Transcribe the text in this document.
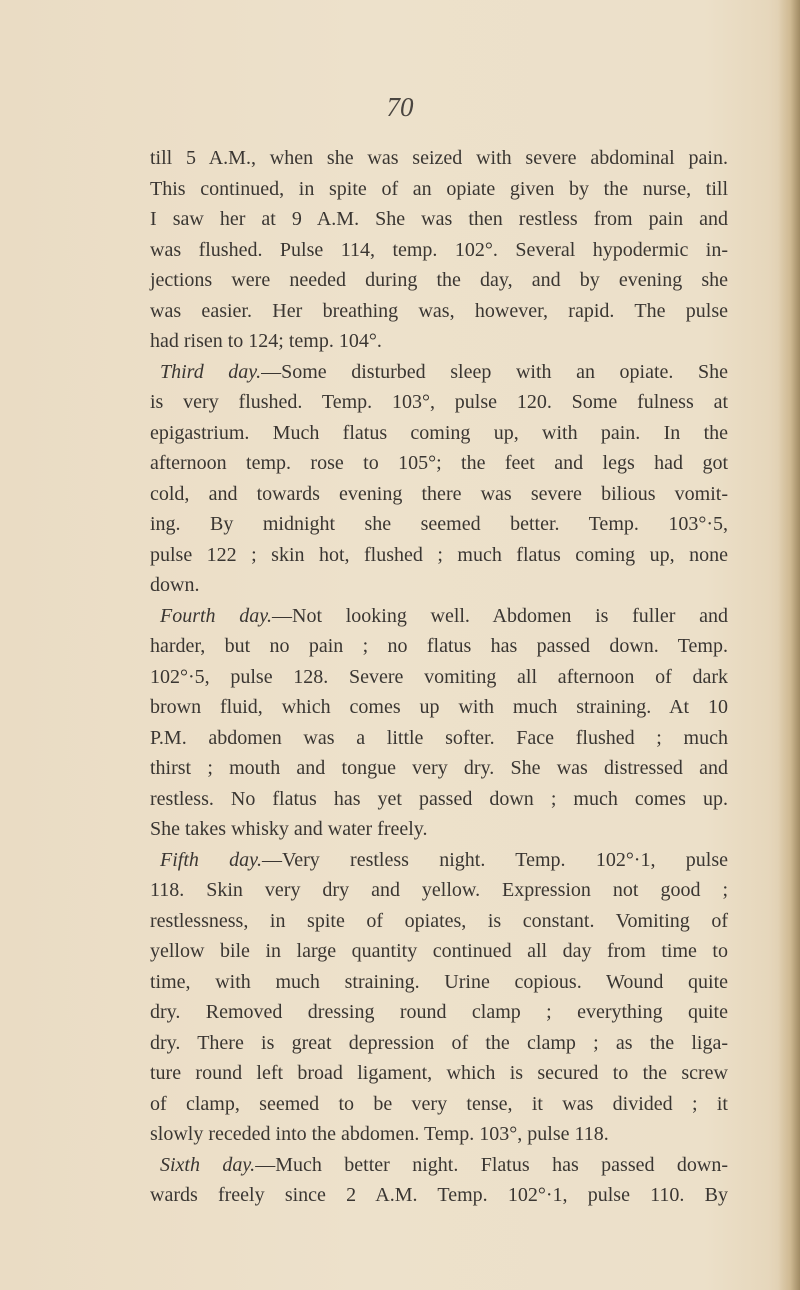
70
till 5 A.M., when she was seized with severe abdominal pain.
This continued, in spite of an opiate given by the nurse, till
I saw her at 9 A.M. She was then restless from pain and
was flushed. Pulse 114, temp. 102°. Several hypodermic in-
jections were needed during the day, and by evening she
was easier. Her breathing was, however, rapid. The pulse
had risen to 124; temp. 104°.
 Third day.—Some disturbed sleep with an opiate. She
is very flushed. Temp. 103°, pulse 120. Some fulness at
epigastrium. Much flatus coming up, with pain. In the
afternoon temp. rose to 105°; the feet and legs had got
cold, and towards evening there was severe bilious vomit-
ing. By midnight she seemed better. Temp. 103°·5,
pulse 122 ; skin hot, flushed ; much flatus coming up, none
down.
 Fourth day.—Not looking well. Abdomen is fuller and
harder, but no pain ; no flatus has passed down. Temp.
102°·5, pulse 128. Severe vomiting all afternoon of dark
brown fluid, which comes up with much straining. At 10
P.M. abdomen was a little softer. Face flushed ; much
thirst ; mouth and tongue very dry. She was distressed and
restless. No flatus has yet passed down ; much comes up.
She takes whisky and water freely.
 Fifth day.—Very restless night. Temp. 102°·1, pulse
118. Skin very dry and yellow. Expression not good ;
restlessness, in spite of opiates, is constant. Vomiting of
yellow bile in large quantity continued all day from time to
time, with much straining. Urine copious. Wound quite
dry. Removed dressing round clamp ; everything quite
dry. There is great depression of the clamp ; as the liga-
ture round left broad ligament, which is secured to the screw
of clamp, seemed to be very tense, it was divided ; it
slowly receded into the abdomen. Temp. 103°, pulse 118.
 Sixth day.—Much better night. Flatus has passed down-
wards freely since 2 A.M. Temp. 102°·1, pulse 110. By
